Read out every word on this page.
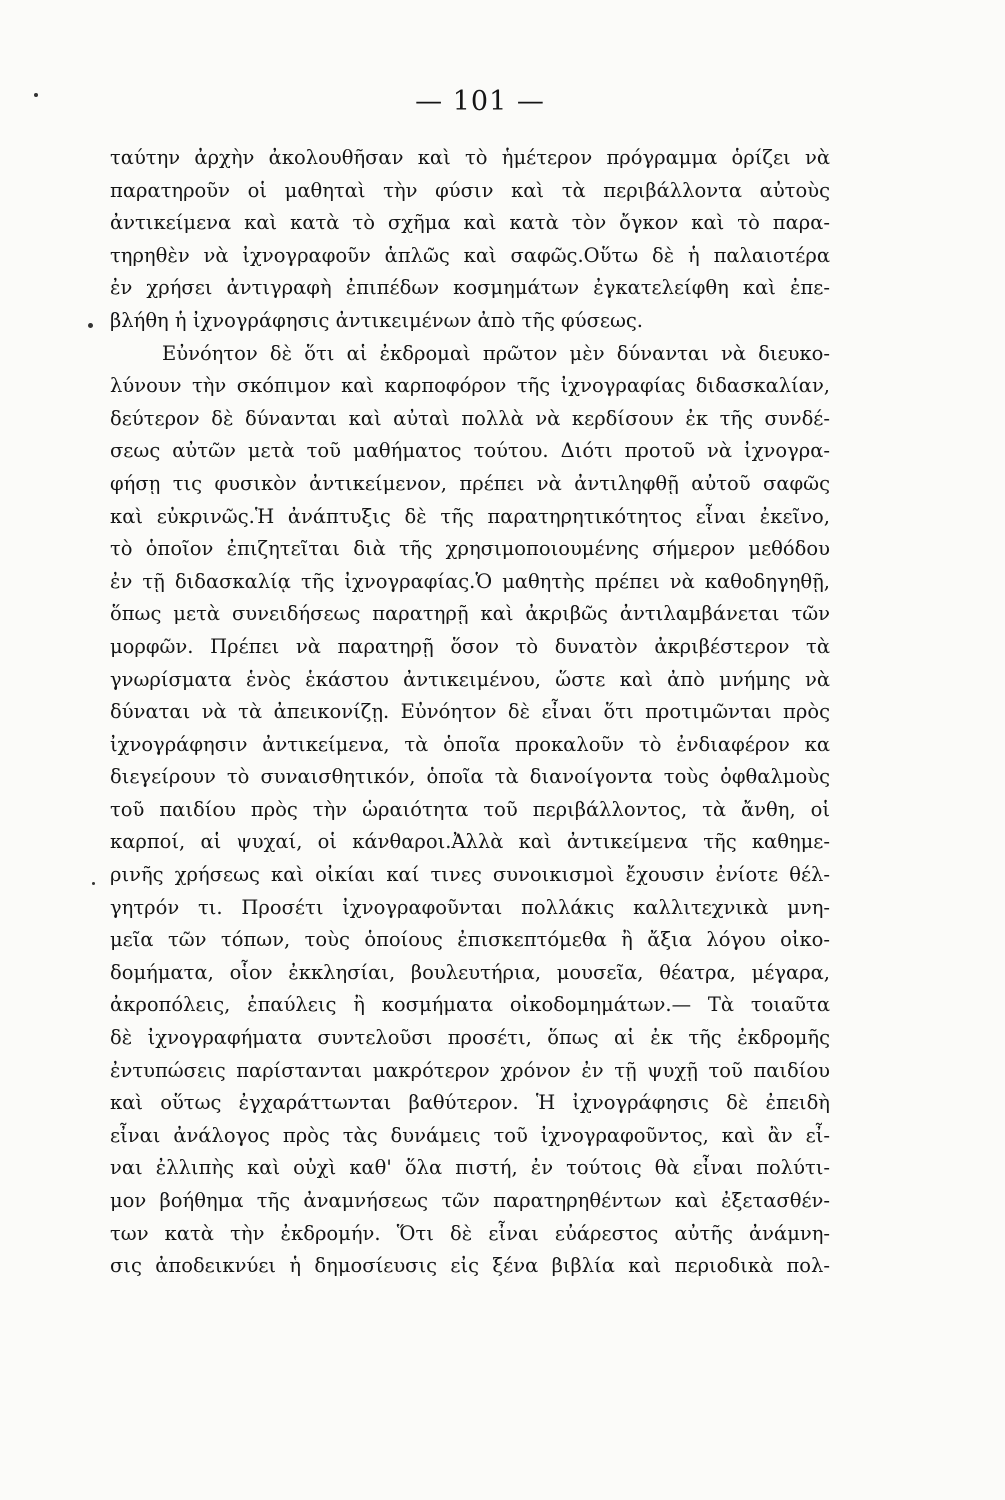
— 101 —
ταύτην ἀρχὴν ἀκολουθῆσαν καὶ τὸ ἡμέτερον πρόγραμμα ὁρίζει νὰ
παρατηροῦν οἱ μαθηταὶ τὴν φύσιν καὶ τὰ περιβάλλοντα αὐτοὺς
ἀντικείμενα καὶ κατὰ τὸ σχῆμα καὶ κατὰ τὸν ὄγκον καὶ τὸ παρα-
τηρηθὲν νὰ ἰχνογραφοῦν ἁπλῶς καὶ σαφῶς.Οὕτω δὲ ἡ παλαιοτέρα
ἐν χρήσει ἀντιγραφὴ ἐπιπέδων κοσμημάτων ἐγκατελείφθη καὶ ἐπε-
βλήθη ἡ ἰχνογράφησις ἀντικειμένων ἀπὸ τῆς φύσεως.
Εὐνόητον δὲ ὅτι αἱ ἐκδρομαὶ πρῶτον μὲν δύνανται νὰ διευκο-
λύνουν τὴν σκόπιμον καὶ καρποφόρον τῆς ἰχνογραφίας διδασκαλίαν,
δεύτερον δὲ δύνανται καὶ αὐταὶ πολλὰ νὰ κερδίσουν ἐκ τῆς συνδέ-
σεως αὐτῶν μετὰ τοῦ μαθήματος τούτου. Διότι προτοῦ νὰ ἰχνογρα-
φήσῃ τις φυσικὸν ἀντικείμενον, πρέπει νὰ ἀντιληφθῇ αὐτοῦ σαφῶς
καὶ εὐκρινῶς.Ἡ ἀνάπτυξις δὲ τῆς παρατηρητικότητος εἶναι ἐκεῖνο,
τὸ ὁποῖον ἐπιζητεῖται διὰ τῆς χρησιμοποιουμένης σήμερον μεθόδου
ἐν τῇ διδασκαλίᾳ τῆς ἰχνογραφίας.Ὁ μαθητὴς πρέπει νὰ καθοδηγηθῇ,
ὅπως μετὰ συνειδήσεως παρατηρῇ καὶ ἀκριβῶς ἀντιλαμβάνεται τῶν
μορφῶν. Πρέπει νὰ παρατηρῇ ὅσον τὸ δυνατὸν ἀκριβέστερον τὰ
γνωρίσματα ἑνὸς ἑκάστου ἀντικειμένου, ὥστε καὶ ἀπὸ μνήμης νὰ
δύναται νὰ τὰ ἀπεικονίζῃ. Εὐνόητον δὲ εἶναι ὅτι προτιμῶνται πρὸς
ἰχνογράφησιν ἀντικείμενα, τὰ ὁποῖα προκαλοῦν τὸ ἐνδιαφέρον κα
διεγείρουν τὸ συναισθητικόν, ὁποῖα τὰ διανοίγοντα τοὺς ὀφθαλμοὺς
τοῦ παιδίου πρὸς τὴν ὡραιότητα τοῦ περιβάλλοντος, τὰ ἄνθη, οἱ
καρποί, αἱ ψυχαί, οἱ κάνθαροι.Ἀλλὰ καὶ ἀντικείμενα τῆς καθημε-
ρινῆς χρήσεως καὶ οἰκίαι καί τινες συνοικισμοὶ ἔχουσιν ἐνίοτε θέλ-
γητρόν τι. Προσέτι ἰχνογραφοῦνται πολλάκις καλλιτεχνικὰ μνη-
μεῖα τῶν τόπων, τοὺς ὁποίους ἐπισκεπτόμεθα ἢ ἄξια λόγου οἰκο-
δομήματα, οἷον ἐκκλησίαι, βουλευτήρια, μουσεῖα, θέατρα, μέγαρα,
ἀκροπόλεις, ἐπαύλεις ἢ κοσμήματα οἰκοδομημάτων.— Τὰ τοιαῦτα
δὲ ἰχνογραφήματα συντελοῦσι προσέτι, ὅπως αἱ ἐκ τῆς ἐκδρομῆς
ἐντυπώσεις παρίστανται μακρότερον χρόνον ἐν τῇ ψυχῇ τοῦ παιδίου
καὶ οὕτως ἐγχαράττωνται βαθύτερον. Ἡ ἰχνογράφησις δὲ ἐπειδὴ
εἶναι ἀνάλογος πρὸς τὰς δυνάμεις τοῦ ἰχνογραφοῦντος, καὶ ἂν εἶ-
ναι ἐλλιπὴς καὶ οὐχὶ καθ' ὅλα πιστή, ἐν τούτοις θὰ εἶναι πολύτι-
μον βοήθημα τῆς ἀναμνήσεως τῶν παρατηρηθέντων καὶ ἐξετασθέν-
των κατὰ τὴν ἐκδρομήν. Ὅτι δὲ εἶναι εὐάρεστος αὐτῆς ἀνάμνη-
σις ἀποδεικνύει ἡ δημοσίευσις εἰς ξένα βιβλία καὶ περιοδικὰ πολ-
